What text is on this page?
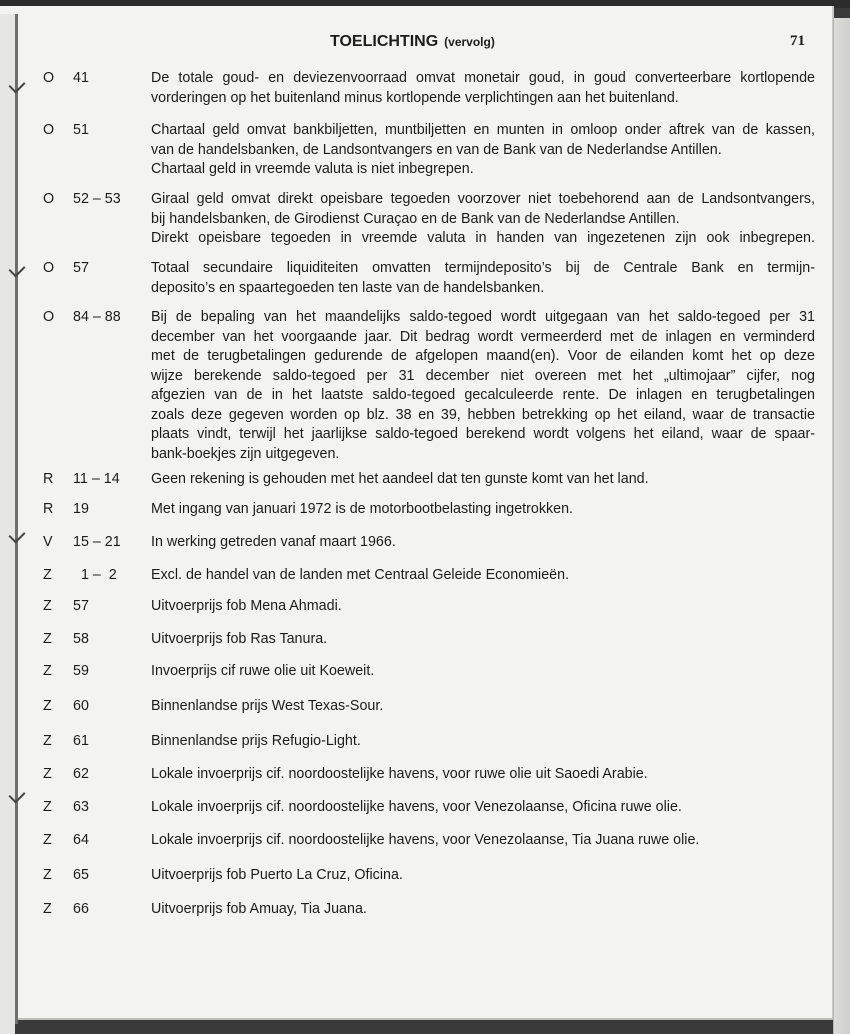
TOELICHTING (vervolg)	71
O 41	De totale goud- en deviezenvoorraad omvat monetair goud, in goud converteerbare kortlopende
vorderingen op het buitenland minus kortlopende verplichtingen aan het buitenland.
O 51	Chartaal geld omvat bankbiljetten, muntbiljetten en munten in omloop onder aftrek van de kassen,
van de handelsbanken, de Landsontvangers en van de Bank van de Nederlandse Antillen.
Chartaal geld in vreemde valuta is niet inbegrepen.
O 52 – 53 Giraal geld omvat direkt opeisbare tegoeden voorzover niet toebehorend aan de Landsontvangers,
bij handelsbanken, de Girodienst Curaçao en de Bank van de Nederlandse Antillen.
Direkt opeisbare tegoeden in vreemde valuta in handen van ingezetenen zijn ook inbegrepen.
O 57	Totaal secundaire liquiditeiten omvatten termijndeposito’s bij de Centrale Bank en termijn-
deposito’s en spaartegoeden ten laste van de handelsbanken.
O 84 – 88 Bij de bepaling van het maandelijks saldo-tegoed wordt uitgegaan van het saldo-tegoed per 31
december van het voorgaande jaar. Dit bedrag wordt vermeerderd met de inlagen en verminderd
met de terugbetalingen gedurende de afgelopen maand(en). Voor de eilanden komt het op deze
wijze berekende saldo-tegoed per 31 december niet overeen met het „ultimojaar” cijfer, nog
afgezien van de in het laatste saldo-tegoed gecalculeerde rente. De inlagen en terugbetalingen
zoals deze gegeven worden op blz. 38 en 39, hebben betrekking op het eiland, waar de transactie
plaats vindt, terwijl het jaarlijkse saldo-tegoed berekend wordt volgens het eiland, waar de spaar-
bank-boekjes zijn uitgegeven.
R 11 – 14 Geen rekening is gehouden met het aandeel dat ten gunste komt van het land.
R 19	Met ingang van januari 1972 is de motorbootbelasting ingetrokken.
V 15 – 21 In werking getreden vanaf maart 1966.
Z 1 –  2 Excl. de handel van de landen met Centraal Geleide Economieën.
Z 57	Uitvoerprijs fob Mena Ahmadi.
Z 58	Uitvoerprijs fob Ras Tanura.
Z 59	Invoerprijs cif ruwe olie uit Koeweit.
Z 60	Binnenlandse prijs West Texas-Sour.
Z 61	Binnenlandse prijs Refugio-Light.
Z 62	Lokale invoerprijs cif. noordoostelijke havens, voor ruwe olie uit Saoedi Arabie.
Z 63	Lokale invoerprijs cif. noordoostelijke havens, voor Venezolaanse, Oficina ruwe olie.
Z 64	Lokale invoerprijs cif. noordoostelijke havens, voor Venezolaanse, Tia Juana ruwe olie.
Z 65	Uitvoerprijs fob Puerto La Cruz, Oficina.
Z 66	Uitvoerprijs fob Amuay, Tia Juana.
